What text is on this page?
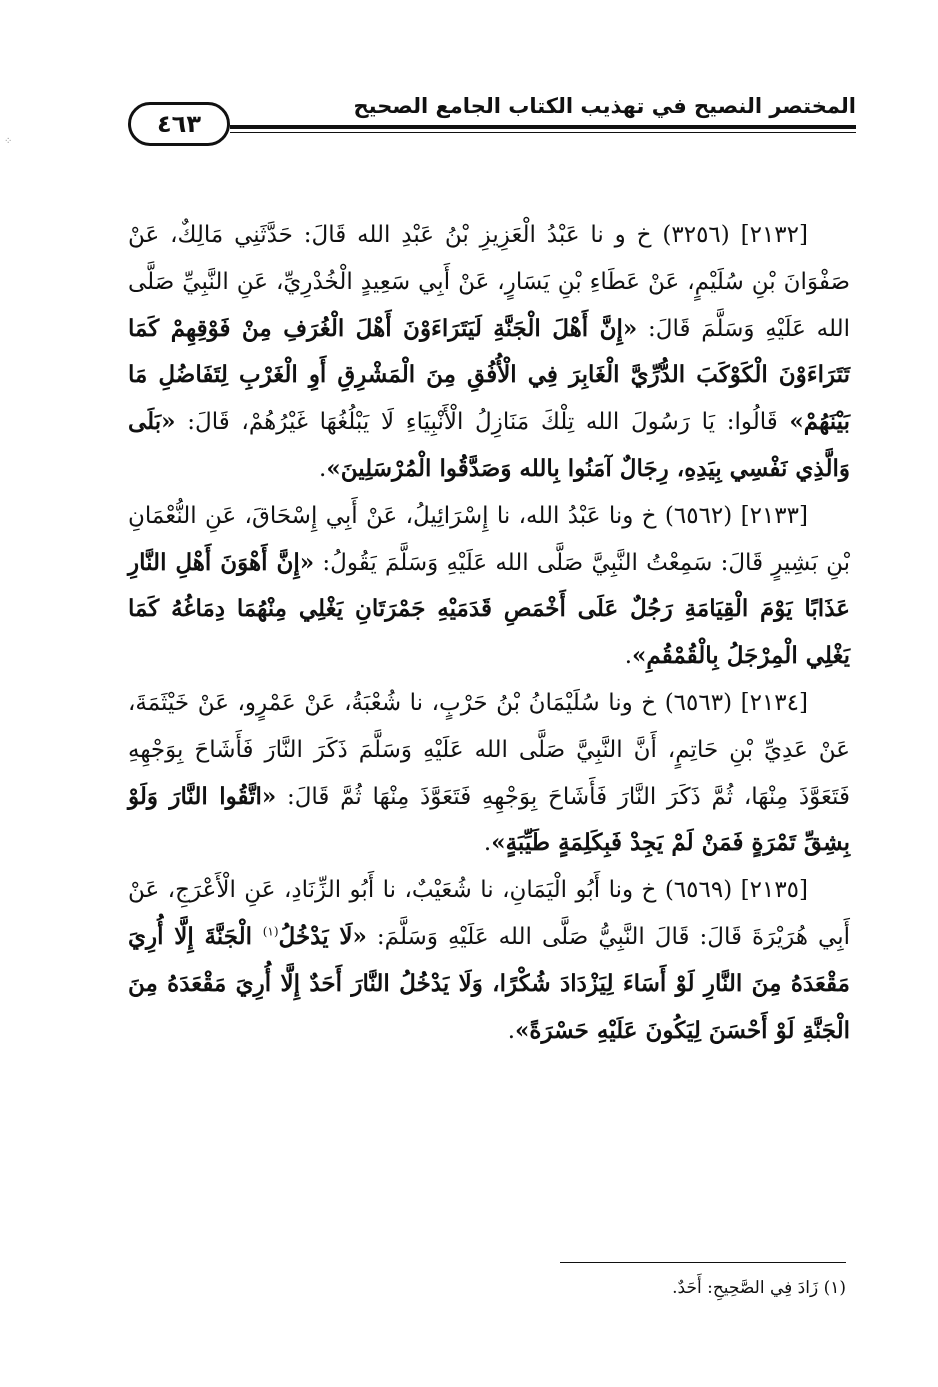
⁘
٤٦٣
المختصر النصيح في تهذيب الكتاب الجامع الصحيح

[٢١٣٢] (٣٢٥٦) خ و نا عَبْدُ الْعَزِيزِ بْنُ عَبْدِ الله قَالَ: حَدَّثَنِي مَالِكٌ، عَنْ صَفْوَانَ بْنِ سُلَيْمٍ، عَنْ عَطَاءِ بْنِ يَسَارٍ، عَنْ أَبِي سَعِيدٍ الْخُدْرِيِّ، عَنِ النَّبِيِّ صَلَّى الله عَلَيْهِ وَسَلَّمَ قَالَ: «إِنَّ أَهْلَ الْجَنَّةِ لَيَتَرَاءَوْنَ أَهْلَ الْغُرَفِ مِنْ فَوْقِهِمْ كَمَا تَتَرَاءَوْنَ الْكَوْكَبَ الدُّرِّيَّ الْغَابِرَ فِي الْأُفُقِ مِنَ الْمَشْرِقِ أَوِ الْغَرْبِ لِتَفَاضُلِ مَا بَيْنَهُمْ» قَالُوا: يَا رَسُولَ الله تِلْكَ مَنَازِلُ الْأَنْبِيَاءِ لَا يَبْلُغُهَا غَيْرُهُمْ، قَالَ: «بَلَى وَالَّذِي نَفْسِي بِيَدِهِ، رِجَالٌ آمَنُوا بِالله وَصَدَّقُوا الْمُرْسَلِينَ».

[٢١٣٣] (٦٥٦٢) خ ونا عَبْدُ الله، نا إِسْرَائِيلُ، عَنْ أَبِي إِسْحَاقَ، عَنِ النُّعْمَانِ بْنِ بَشِيرٍ قَالَ: سَمِعْتُ النَّبِيَّ صَلَّى الله عَلَيْهِ وَسَلَّمَ يَقُولُ: «إِنَّ أَهْوَنَ أَهْلِ النَّارِ عَذَابًا يَوْمَ الْقِيَامَةِ رَجُلٌ عَلَى أَخْمَصِ قَدَمَيْهِ جَمْرَتَانِ يَغْلِي مِنْهُمَا دِمَاغُهُ كَمَا يَغْلِي الْمِرْجَلُ بِالْقُمْقُمِ».

[٢١٣٤] (٦٥٦٣) خ ونا سُلَيْمَانُ بْنُ حَرْبٍ، نا شُعْبَةُ، عَنْ عَمْرٍو، عَنْ خَيْثَمَةَ، عَنْ عَدِيِّ بْنِ حَاتِمٍ، أَنَّ النَّبِيَّ صَلَّى الله عَلَيْهِ وَسَلَّمَ ذَكَرَ النَّارَ فَأَشَاحَ بِوَجْهِهِ فَتَعَوَّذَ مِنْهَا، ثُمَّ ذَكَرَ النَّارَ فَأَشَاحَ بِوَجْهِهِ فَتَعَوَّذَ مِنْهَا ثُمَّ قَالَ: «اتَّقُوا النَّارَ وَلَوْ بِشِقِّ تَمْرَةٍ فَمَنْ لَمْ يَجِدْ فَبِكَلِمَةٍ طَيِّبَةٍ».

[٢١٣٥] (٦٥٦٩) خ ونا أَبُو الْيَمَانِ، نا شُعَيْبٌ، نا أَبُو الزِّنَادِ، عَنِ الْأَعْرَجِ، عَنْ أَبِي هُرَيْرَةَ قَالَ: قَالَ النَّبِيُّ صَلَّى الله عَلَيْهِ وَسَلَّمَ: «لَا يَدْخُلُ$^{(١)}$ الْجَنَّةَ إِلَّا أُرِيَ مَقْعَدَهُ مِنَ النَّارِ لَوْ أَسَاءَ لِيَزْدَادَ شُكْرًا، وَلَا يَدْخُلُ النَّارَ أَحَدٌ إِلَّا أُرِيَ مَقْعَدَهُ مِنَ الْجَنَّةِ لَوْ أَحْسَنَ لِيَكُونَ عَلَيْهِ حَسْرَةً».

(١) زَادَ فِي الصَّحِيحِ: أَحَدٌ.
